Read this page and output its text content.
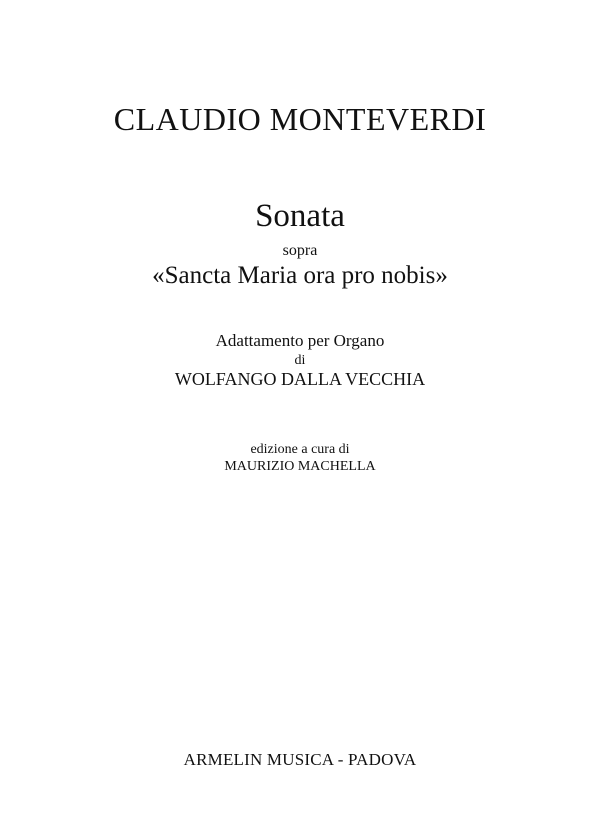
CLAUDIO MONTEVERDI
Sonata
sopra
«Sancta Maria ora pro nobis»
Adattamento per Organo
di
WOLFANGO DALLA VECCHIA
edizione a cura di
MAURIZIO MACHELLA
ARMELIN MUSICA - PADOVA
